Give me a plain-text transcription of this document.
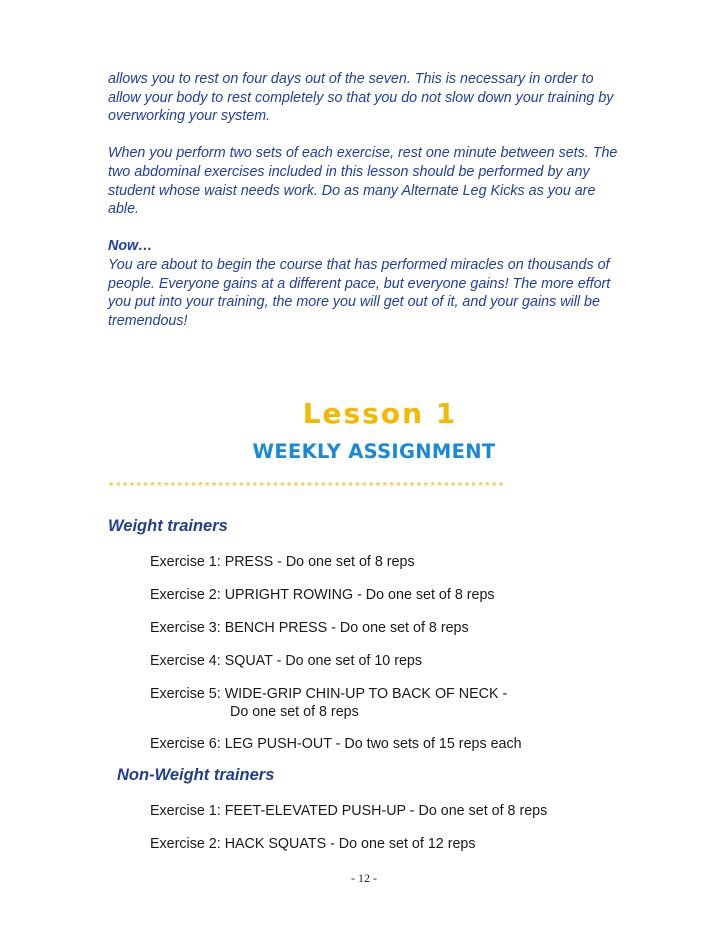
allows you to rest on four days out of the seven. This is necessary in order to allow your body to rest completely so that you do not slow down your training by overworking your system.

When you perform two sets of each exercise, rest one minute between sets. The two abdominal exercises included in this lesson should be performed by any student whose waist needs work. Do as many Alternate Leg Kicks as you are able.

Now…

You are about to begin the course that has performed miracles on thousands of people. Everyone gains at a different pace, but everyone gains! The more effort you put into your training, the more you will get out of it, and your gains will be tremendous!

Lesson 1
WEEKLY ASSIGNMENT
**********************************************************
Weight trainers
Exercise 1: PRESS - Do one set of 8 reps
Exercise 2: UPRIGHT ROWING - Do one set of 8 reps
Exercise 3: BENCH PRESS - Do one set of 8 reps
Exercise 4: SQUAT - Do one set of 10 reps
Exercise 5: WIDE-GRIP CHIN-UP TO BACK OF NECK -
Do one set of 8 reps
Exercise 6: LEG PUSH-OUT - Do two sets of 15 reps each
Non-Weight trainers
Exercise 1: FEET-ELEVATED PUSH-UP - Do one set of 8 reps
Exercise 2: HACK SQUATS - Do one set of 12 reps
- 12 -
